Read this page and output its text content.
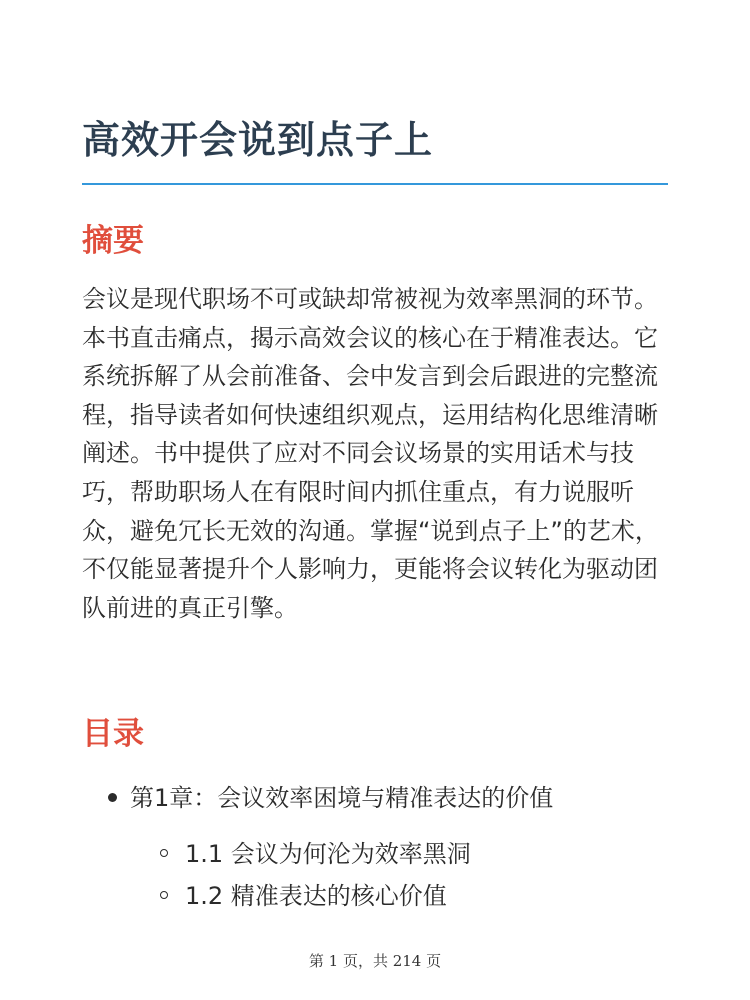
高效开会说到点子上
摘要

会议是现代职场不可或缺却常被视为效率黑洞的环节。本书直击痛点，揭示高效会议的核心在于精准表达。它系统拆解了从会前准备、会中发言到会后跟进的完整流程，指导读者如何快速组织观点，运用结构化思维清晰阐述。书中提供了应对不同会议场景的实用话术与技巧，帮助职场人在有限时间内抓住重点，有力说服听众，避免冗长无效的沟通。掌握“说到点子上”的艺术，不仅能显著提升个人影响力，更能将会议转化为驱动团队前进的真正引擎。

目录
第1章：会议效率困境与精准表达的价值
1.1 会议为何沦为效率黑洞
1.2 精准表达的核心价值
第 1 页，共 214 页
